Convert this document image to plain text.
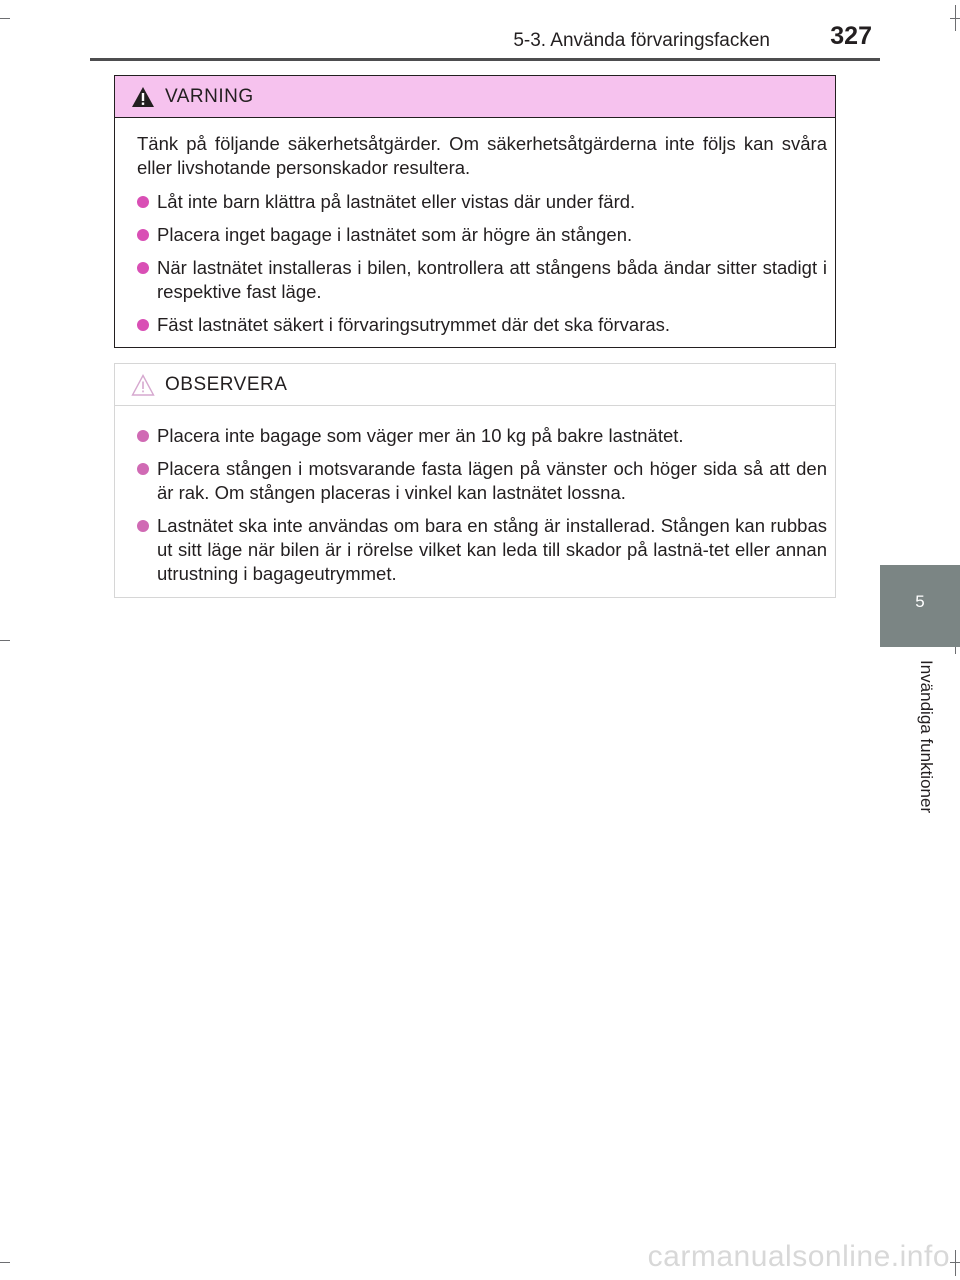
5-3. Använda förvaringsfacken	327
5
Invändiga funktioner
VARNING

Tänk på följande säkerhetsåtgärder. Om säkerhetsåtgärderna inte följs kan svåra eller livshotande personskador resultera.

Låt inte barn klättra på lastnätet eller vistas där under färd.
Placera inget bagage i lastnätet som är högre än stången.
När lastnätet installeras i bilen, kontrollera att stångens båda ändar sitter stadigt i respektive fast läge.
Fäst lastnätet säkert i förvaringsutrymmet där det ska förvaras.
OBSERVERA
Placera inte bagage som väger mer än 10 kg på bakre lastnätet.
Placera stången i motsvarande fasta lägen på vänster och höger sida så att den är rak. Om stången placeras i vinkel kan lastnätet lossna.
Lastnätet ska inte användas om bara en stång är installerad. Stången kan rubbas ut sitt läge när bilen är i rörelse vilket kan leda till skador på lastnä-tet eller annan utrustning i bagageutrymmet.
carmanualsonline.info
